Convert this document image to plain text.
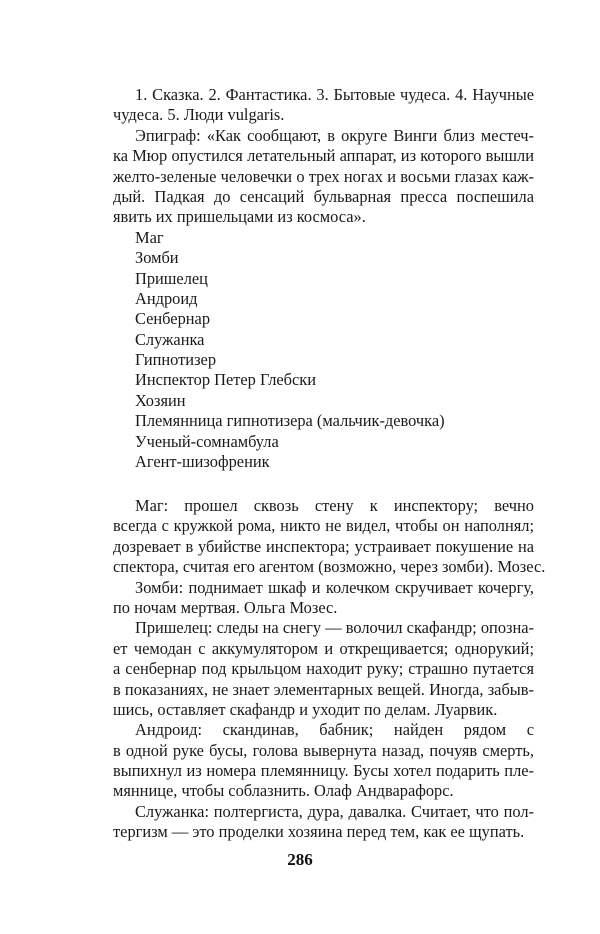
1. Сказка. 2. Фантастика. 3. Бытовые чудеса. 4. Научные
чудеса. 5. Люди vulgaris.
Эпиграф: «Как сообщают, в округе Винги близ местеч-
ка Мюр опустился летательный аппарат, из которого вышли
желто-зеленые человечки о трех ногах и восьми глазах каж-
дый. Падкая до сенсаций бульварная пресса поспешила
явить их пришельцами из космоса».
Маг
Зомби
Пришелец
Андроид
Сенбернар
Служанка
Гипнотизер
Инспектор Петер Глебски
Хозяин
Племянница гипнотизера (мальчик-девочка)
Ученый-сомнамбула
Агент-шизофреник
Маг: прошел сквозь стену к инспектору; вечно
всегда с кружкой рома, никто не видел, чтобы он наполнял;
дозревает в убийстве инспектора; устраивает покушение на
спектора, считая его агентом (возможно, через зомби). Мозес.
Зомби: поднимает шкаф и колечком скручивает кочергу,
по ночам мертвая. Ольга Мозес.
Пришелец: следы на снегу — волочил скафандр; опозна-
ет чемодан с аккумулятором и открещивается; однорукий;
а сенбернар под крыльцом находит руку; страшно путается
в показаниях, не знает элементарных вещей. Иногда, забыв-
шись, оставляет скафандр и уходит по делам. Луарвик.
Андроид: скандинав, бабник; найден рядом с
в одной руке бусы, голова вывернута назад, почуяв смерть,
выпихнул из номера племянницу. Бусы хотел подарить пле-
мяннице, чтобы соблазнить. Олаф Андварафорс.
Служанка: полтергиста, дура, давалка. Считает, что пол-
тергизм — это проделки хозяина перед тем, как ее щупать.
286
